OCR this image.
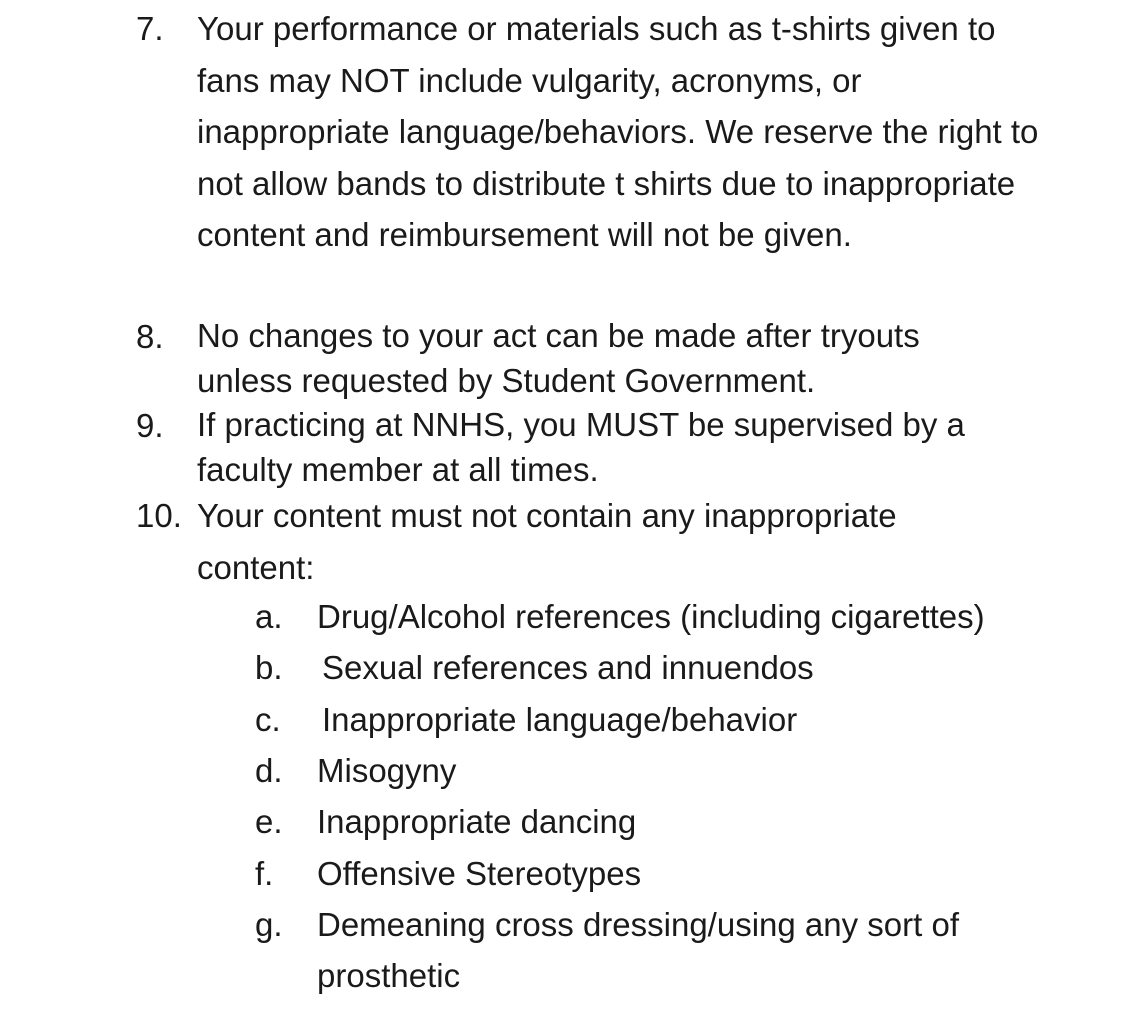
7. Your performance or materials such as t-shirts given to fans may NOT include vulgarity, acronyms, or inappropriate language/behaviors. We reserve the right to not allow bands to distribute t shirts due to inappropriate content and reimbursement will not be given.
8. No changes to your act can be made after tryouts unless requested by Student Government.
9. If practicing at NNHS, you MUST be supervised by a faculty member at all times.
10. Your content must not contain any inappropriate content:
a. Drug/Alcohol references (including cigarettes)
b. Sexual references and innuendos
c. Inappropriate language/behavior
d. Misogyny
e. Inappropriate dancing
f. Offensive Stereotypes
g. Demeaning cross dressing/using any sort of prosthetic
